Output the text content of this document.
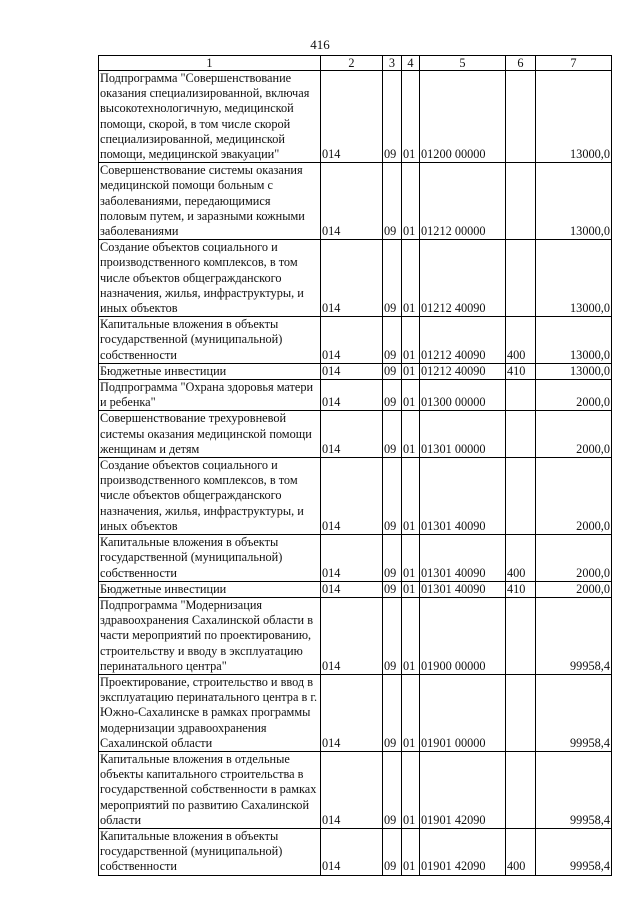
416
1	2	3	4	5	6	7
Подпрограмма "Совершенствование оказания специализированной, включая высокотехнологичную, медицинской помощи, скорой, в том числе скорой специализированной, медицинской помощи, медицинской эвакуации"	014	09	01	01200 00000		13000,0
Совершенствование системы оказания медицинской помощи больным с заболеваниями, передающимися половым путем, и заразными кожными заболеваниями	014	09	01	01212 00000		13000,0
Создание объектов социального и производственного комплексов, в том числе объектов общегражданского назначения, жилья, инфраструктуры, и иных объектов	014	09	01	01212 40090		13000,0
Капитальные вложения в объекты государственной (муниципальной) собственности	014	09	01	01212 40090	400	13000,0
Бюджетные инвестиции	014	09	01	01212 40090	410	13000,0
Подпрограмма "Охрана здоровья матери и ребенка"	014	09	01	01300 00000		2000,0
Совершенствование трехуровневой системы оказания медицинской помощи женщинам и детям	014	09	01	01301 00000		2000,0
Создание объектов социального и производственного комплексов, в том числе объектов общегражданского назначения, жилья, инфраструктуры, и иных объектов	014	09	01	01301 40090		2000,0
Капитальные вложения в объекты государственной (муниципальной) собственности	014	09	01	01301 40090	400	2000,0
Бюджетные инвестиции	014	09	01	01301 40090	410	2000,0
Подпрограмма "Модернизация здравоохранения Сахалинской области в части мероприятий по проектированию, строительству и вводу в эксплуатацию перинатального центра"	014	09	01	01900 00000		99958,4
Проектирование, строительство и ввод в эксплуатацию перинатального центра в г. Южно-Сахалинске в рамках программы модернизации здравоохранения Сахалинской области	014	09	01	01901 00000		99958,4
Капитальные вложения в отдельные объекты капитального строительства в государственной собственности в рамках мероприятий по развитию Сахалинской области	014	09	01	01901 42090		99958,4
Капитальные вложения в объекты государственной (муниципальной) собственности	014	09	01	01901 42090	400	99958,4
